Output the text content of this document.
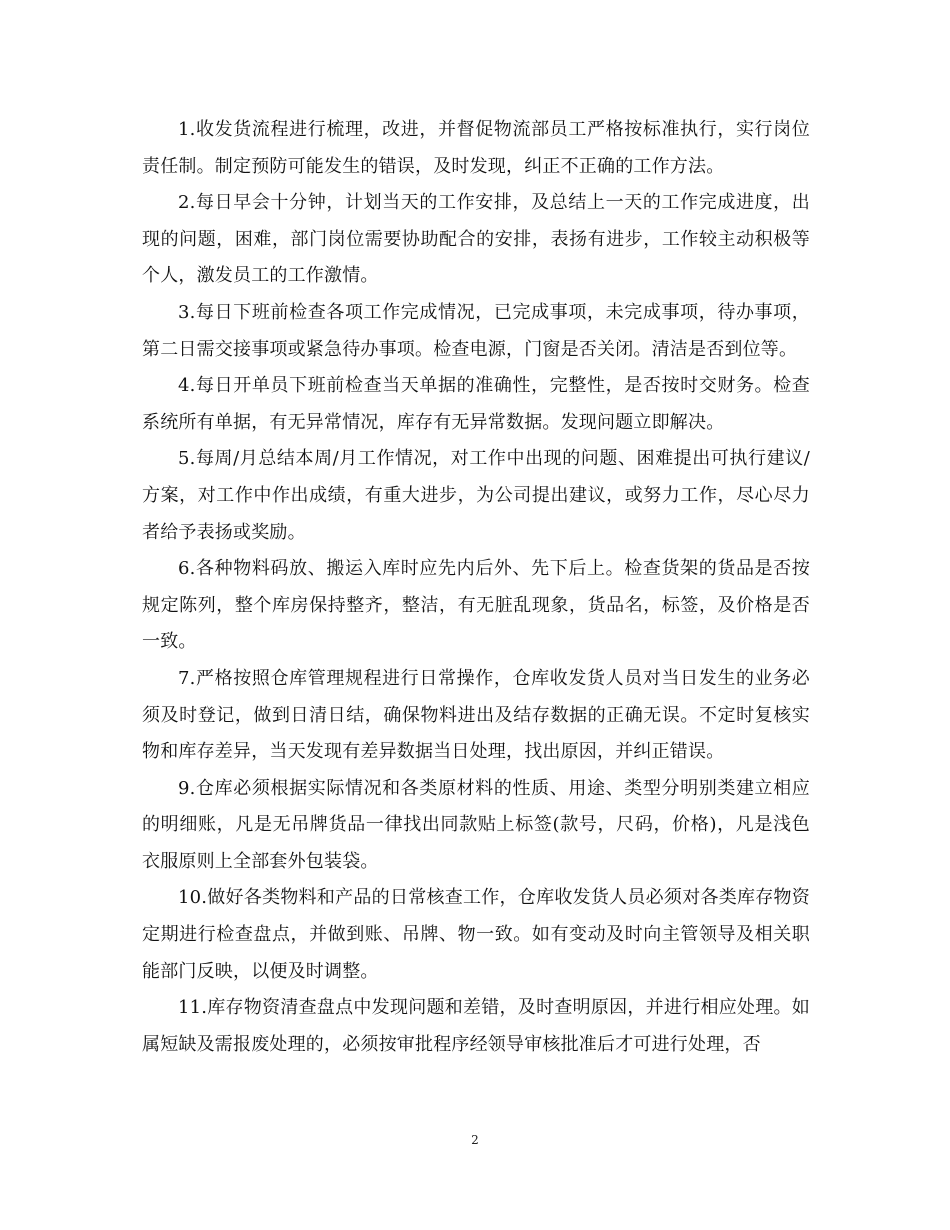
1.收发货流程进行梳理，改进，并督促物流部员工严格按标准执行，实行岗位责任制。制定预防可能发生的错误，及时发现，纠正不正确的工作方法。

2.每日早会十分钟，计划当天的工作安排，及总结上一天的工作完成进度，出现的问题，困难，部门岗位需要协助配合的安排，表扬有进步，工作较主动积极等个人，激发员工的工作激情。

3.每日下班前检查各项工作完成情况，已完成事项，未完成事项，待办事项，第二日需交接事项或紧急待办事项。检查电源，门窗是否关闭。清洁是否到位等。

4.每日开单员下班前检查当天单据的准确性，完整性，是否按时交财务。检查系统所有单据，有无异常情况，库存有无异常数据。发现问题立即解决。

5.每周/月总结本周/月工作情况，对工作中出现的问题、困难提出可执行建议/方案，对工作中作出成绩，有重大进步，为公司提出建议，或努力工作，尽心尽力者给予表扬或奖励。

6.各种物料码放、搬运入库时应先内后外、先下后上。检查货架的货品是否按规定陈列，整个库房保持整齐，整洁，有无脏乱现象，货品名，标签，及价格是否一致。

7.严格按照仓库管理规程进行日常操作，仓库收发货人员对当日发生的业务必须及时登记，做到日清日结，确保物料进出及结存数据的正确无误。不定时复核实物和库存差异，当天发现有差异数据当日处理，找出原因，并纠正错误。

9.仓库必须根据实际情况和各类原材料的性质、用途、类型分明别类建立相应的明细账，凡是无吊牌货品一律找出同款贴上标签(款号，尺码，价格)，凡是浅色衣服原则上全部套外包装袋。

10.做好各类物料和产品的日常核查工作，仓库收发货人员必须对各类库存物资定期进行检查盘点，并做到账、吊牌、物一致。如有变动及时向主管领导及相关职能部门反映，以便及时调整。

11.库存物资清查盘点中发现问题和差错，及时查明原因，并进行相应处理。如属短缺及需报废处理的，必须按审批程序经领导审核批准后才可进行处理，否

2
